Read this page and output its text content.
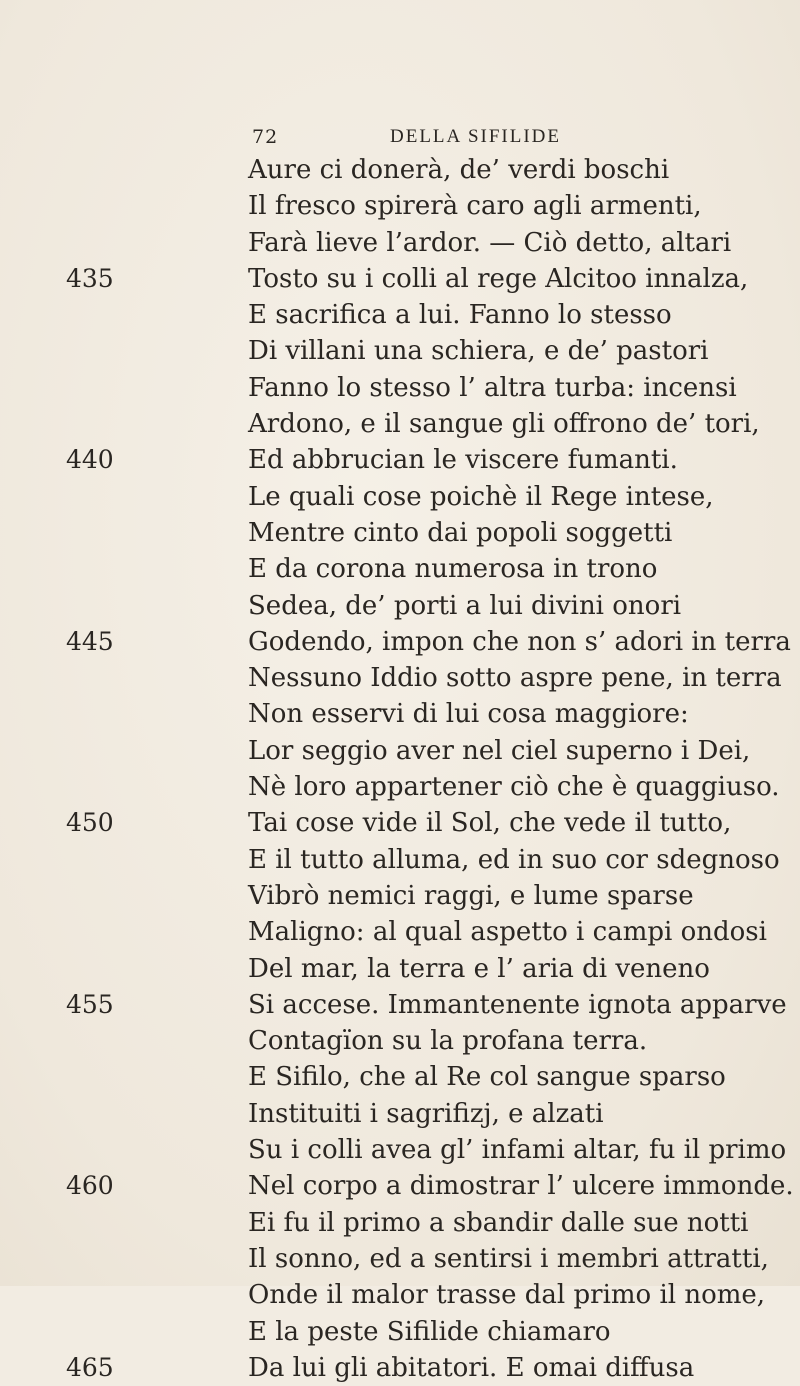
72	DELLA SIFILIDE
Aure ci donerà, de’ verdi boschi
Il fresco spirerà caro agli armenti,
Farà lieve l’ardor. — Ciò detto, altari
435	Tosto su i colli al rege Alcitoo innalza,
E sacrifica a lui. Fanno lo stesso
Di villani una schiera, e de’ pastori
Fanno lo stesso l’ altra turba: incensi
Ardono, e il sangue gli offrono de’ tori,
440	Ed abbrucian le viscere fumanti.
Le quali cose poichè il Rege intese,
Mentre cinto dai popoli soggetti
E da corona numerosa in trono
Sedea, de’ porti a lui divini onori
445	Godendo, impon che non s’ adori in terra
Nessuno Iddio sotto aspre pene, in terra
Non esservi di lui cosa maggiore:
Lor seggio aver nel ciel superno i Dei,
Nè loro appartener ciò che è quaggiuso.
450	Tai cose vide il Sol, che vede il tutto,
E il tutto alluma, ed in suo cor sdegnoso
Vibrò nemici raggi, e lume sparse
Maligno: al qual aspetto i campi ondosi
Del mar, la terra e l’ aria di veneno
455	Si accese. Immantenente ignota apparve
Contagïon su la profana terra.
E Sifilo, che al Re col sangue sparso
Instituiti i sagrifizj, e alzati
Su i colli avea gl’ infami altar, fu il primo
460	Nel corpo a dimostrar l’ ulcere immonde.
Ei fu il primo a sbandir dalle sue notti
Il sonno, ed a sentirsi i membri attratti,
Onde il malor trasse dal primo il nome,
E la peste Sifilide chiamaro
465	Da lui gli abitatori. E omai diffusa
